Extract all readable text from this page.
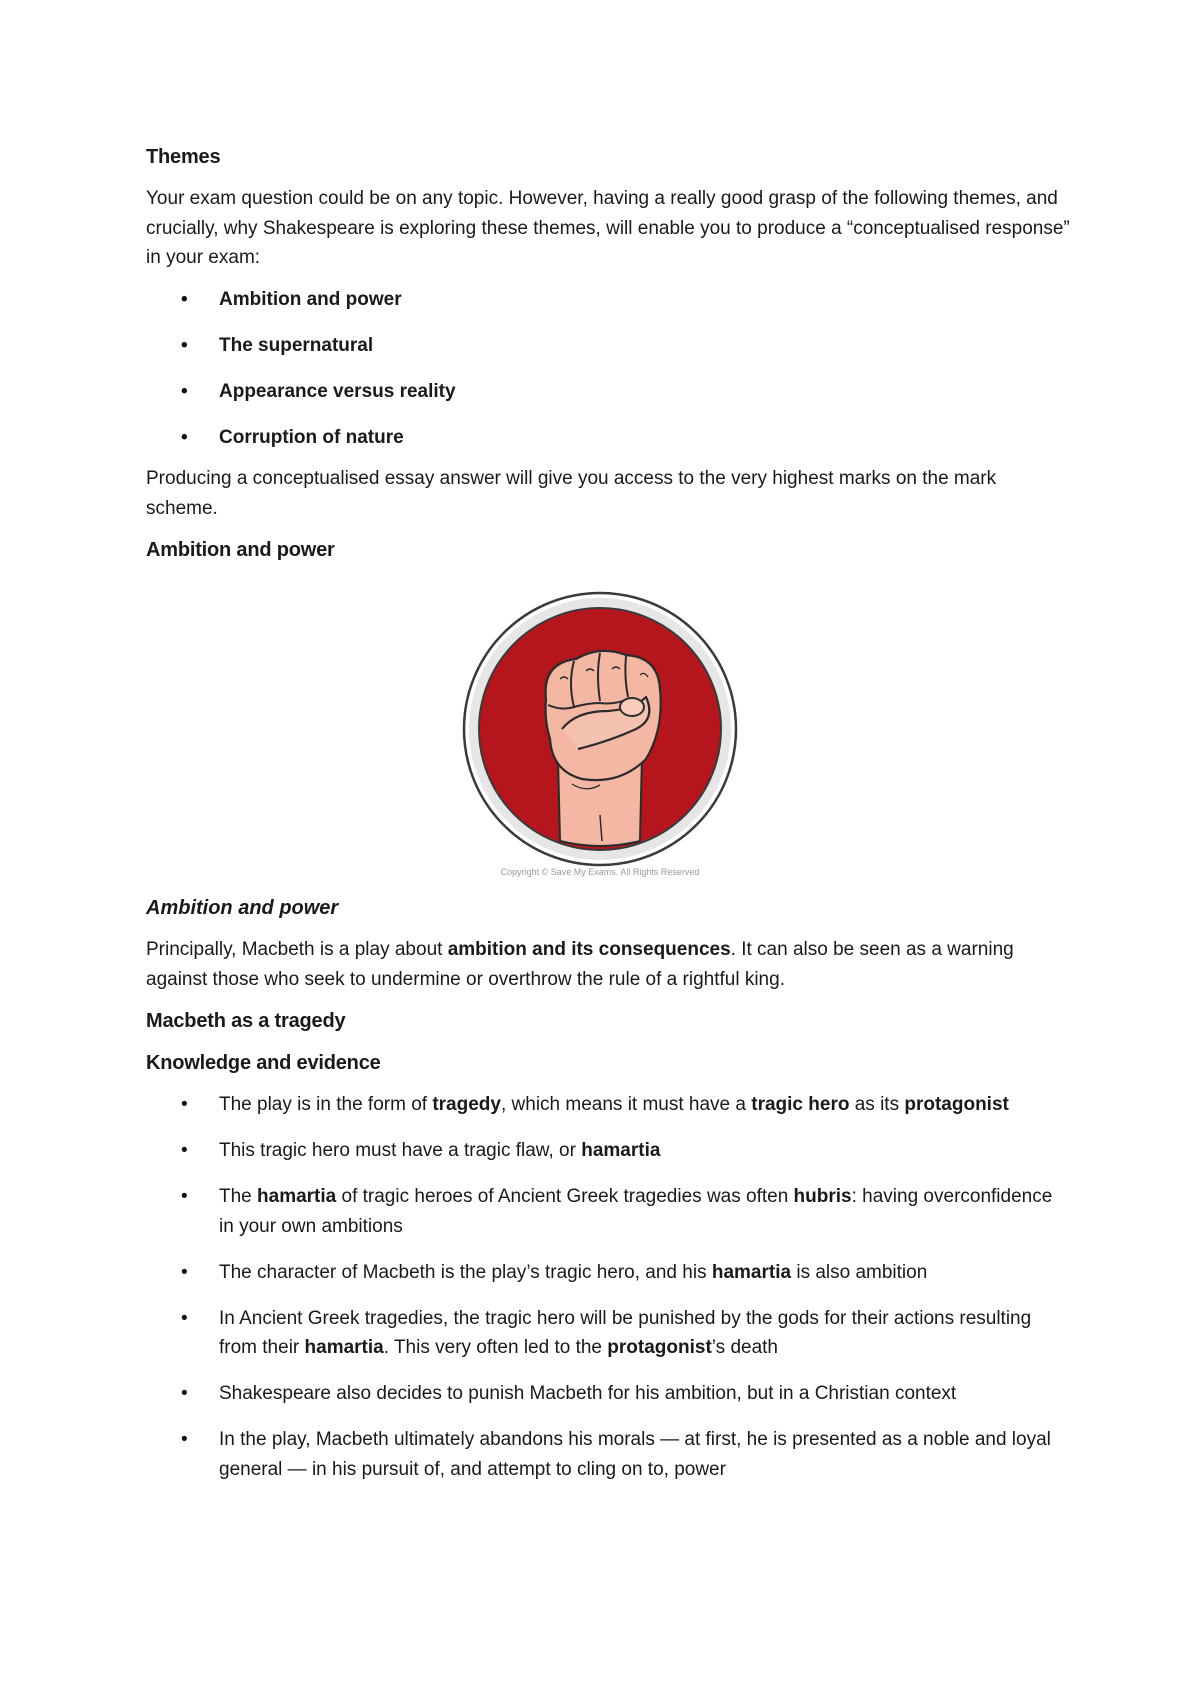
Themes

Your exam question could be on any topic. However, having a really good grasp of the following themes, and crucially, why Shakespeare is exploring these themes, will enable you to produce a “conceptualised response” in your exam:

• Ambition and power
• The supernatural
• Appearance versus reality
• Corruption of nature

Producing a conceptualised essay answer will give you access to the very highest marks on the mark scheme.

Ambition and power
Copyright © Save My Exams. All Rights Reserved

Ambition and power

Principally, Macbeth is a play about ambition and its consequences. It can also be seen as a warning against those who seek to undermine or overthrow the rule of a rightful king.

Macbeth as a tragedy
Knowledge and evidence
• The play is in the form of tragedy, which means it must have a tragic hero as its protagonist
• This tragic hero must have a tragic flaw, or hamartia
• The hamartia of tragic heroes of Ancient Greek tragedies was often hubris: having overconfidence in your own ambitions
• The character of Macbeth is the play’s tragic hero, and his hamartia is also ambition
• In Ancient Greek tragedies, the tragic hero will be punished by the gods for their actions resulting from their hamartia. This very often led to the protagonist’s death
• Shakespeare also decides to punish Macbeth for his ambition, but in a Christian context
• In the play, Macbeth ultimately abandons his morals — at first, he is presented as a noble and loyal general — in his pursuit of, and attempt to cling on to, power
